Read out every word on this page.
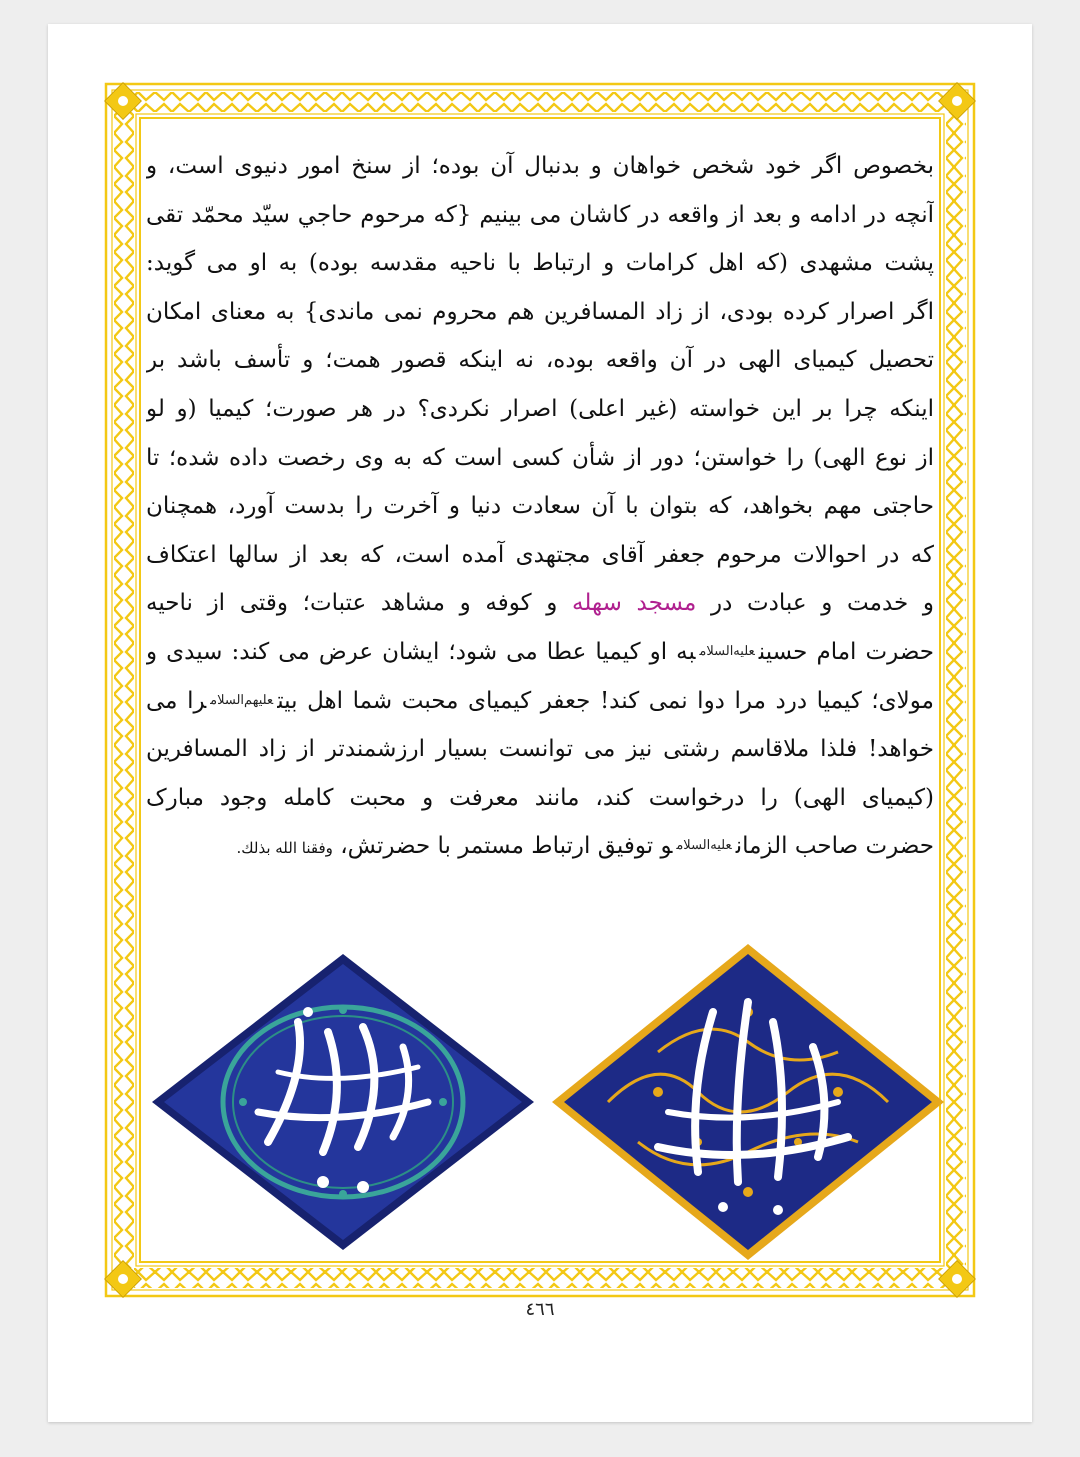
بخصوص اگر خود شخص خواهان و بدنبال آن بوده؛ از سنخ امور دنیوی است، و
آنچه در ادامه و بعد از واقعه در کاشان می بینیم {که مرحوم حاجي سيّد محمّد تقی
پشت مشهدی (که اهل کرامات و ارتباط با ناحیه مقدسه بوده) به او می گوید:
اگر اصرار کرده بودی، از زاد المسافرین هم محروم نمی ماندی} به معنای امکان
تحصیل کیمیای الهی در آن واقعه بوده، نه اینکه قصور همت؛ و تأسف باشد بر
اینکه چرا بر این خواسته (غیر اعلی) اصرار نکردی؟ در هر صورت؛ کیمیا (و لو
از نوع الهی) را خواستن؛ دور از شأن کسی است که به وی رخصت داده شده؛ تا
حاجتی مهم بخواهد، که بتوان با آن سعادت دنیا و آخرت را بدست آورد، همچنان
که در احوالات مرحوم جعفر آقای مجتهدی آمده است، که بعد از سالها اعتکاف
و خدمت و عبادت در مسجد سهله و کوفه و مشاهد عتبات؛ وقتی از ناحیه
حضرت امام حسینعلیه‌السلامبه او کیمیا عطا می شود؛ ایشان عرض می کند: سیدی و
مولای؛ کیمیا درد مرا دوا نمی کند! جعفر کیمیای محبت شما اهل بیتعلیهم‌السلامرا می
خواهد! فلذا ملاقاسم رشتی نیز می توانست بسیار ارزشمندتر از زاد المسافرین
(کیمیای الهی) را درخواست کند، مانند معرفت و محبت کامله وجود مبارک
حضرت صاحب الزمانعلیه‌السلامو توفیق ارتباط مستمر با حضرتش، وفقنا الله بذلك.
٤٦٦
